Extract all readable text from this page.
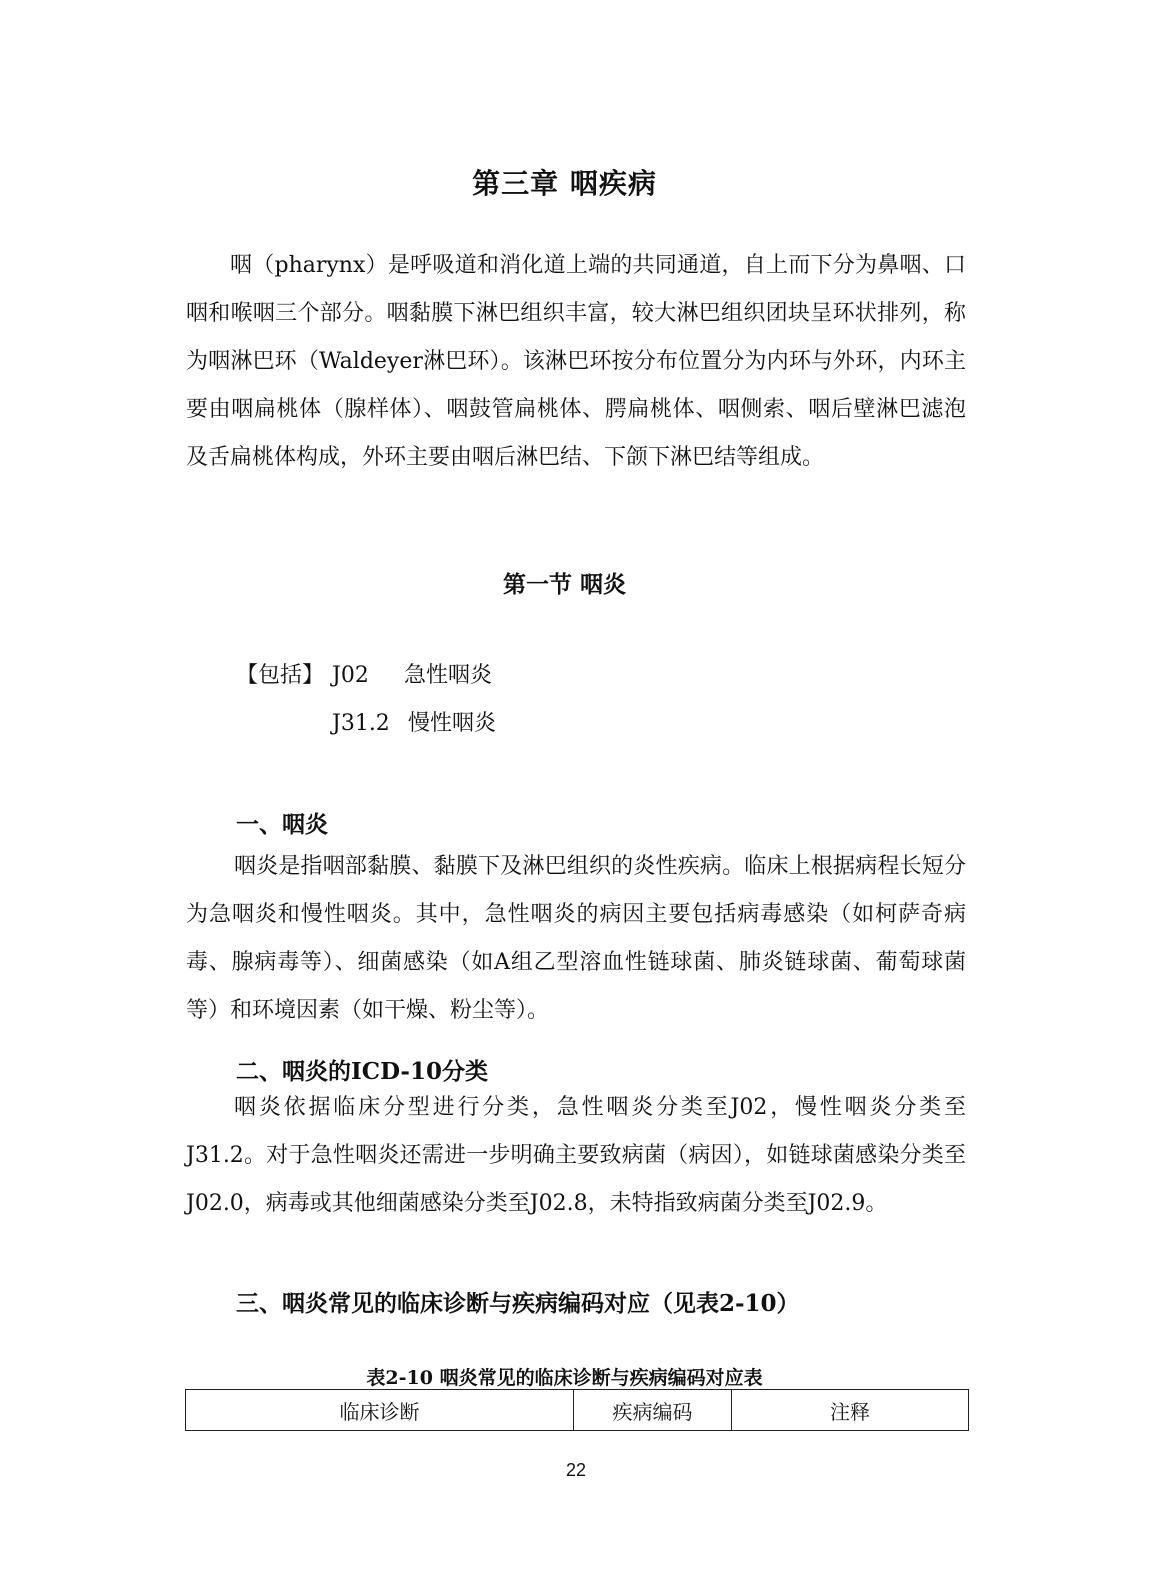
第三章 咽疾病

咽（pharynx）是呼吸道和消化道上端的共同通道，自上而下分为鼻咽、口咽和喉咽三个部分。咽黏膜下淋巴组织丰富，较大淋巴组织团块呈环状排列，称为咽淋巴环（Waldeyer淋巴环）。该淋巴环按分布位置分为内环与外环，内环主要由咽扁桃体（腺样体）、咽鼓管扁桃体、腭扁桃体、咽侧索、咽后壁淋巴滤泡及舌扁桃体构成，外环主要由咽后淋巴结、下颌下淋巴结等组成。

第一节 咽炎
【包括】 J02 急性咽炎
J31.2 慢性咽炎
一、咽炎

咽炎是指咽部黏膜、黏膜下及淋巴组织的炎性疾病。临床上根据病程长短分为急咽炎和慢性咽炎。其中，急性咽炎的病因主要包括病毒感染（如柯萨奇病毒、腺病毒等）、细菌感染（如A组乙型溶血性链球菌、肺炎链球菌、葡萄球菌等）和环境因素（如干燥、粉尘等）。

二、咽炎的ICD-10分类

咽炎依据临床分型进行分类，急性咽炎分类至J02，慢性咽炎分类至J31.2。对于急性咽炎还需进一步明确主要致病菌（病因），如链球菌感染分类至J02.0，病毒或其他细菌感染分类至J02.8，未特指致病菌分类至J02.9。

三、咽炎常见的临床诊断与疾病编码对应（见表2-10）
表2-10 咽炎常见的临床诊断与疾病编码对应表
临床诊断	疾病编码	注释
22
